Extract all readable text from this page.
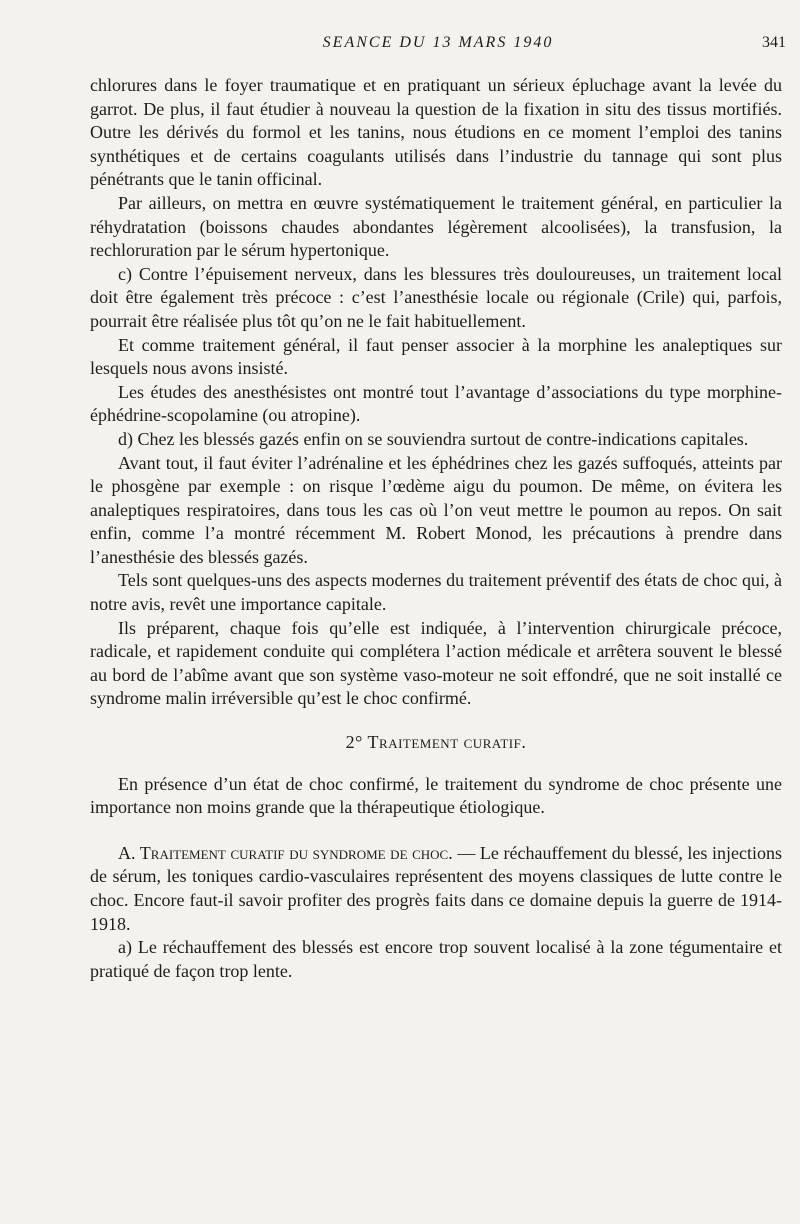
SEANCE DU 13 MARS 1940	341

chlorures dans le foyer traumatique et en pratiquant un sérieux épluchage avant la levée du garrot. De plus, il faut étudier à nouveau la question de la fixation in situ des tissus mortifiés. Outre les dérivés du formol et les tanins, nous étudions en ce moment l’emploi des tanins synthétiques et de certains coagulants utilisés dans l’industrie du tannage qui sont plus pénétrants que le tanin officinal.

Par ailleurs, on mettra en œuvre systématiquement le traitement général, en particulier la réhydratation (boissons chaudes abondantes légèrement alcoolisées), la transfusion, la rechloruration par le sérum hypertonique.

c) Contre l’épuisement nerveux, dans les blessures très douloureuses, un traitement local doit être également très précoce : c’est l’anesthésie locale ou régionale (Crile) qui, parfois, pourrait être réalisée plus tôt qu’on ne le fait habituellement.

Et comme traitement général, il faut penser associer à la morphine les analeptiques sur lesquels nous avons insisté.

Les études des anesthésistes ont montré tout l’avantage d’associations du type morphine-éphédrine-scopolamine (ou atropine).

d) Chez les blessés gazés enfin on se souviendra surtout de contre-indications capitales.

Avant tout, il faut éviter l’adrénaline et les éphédrines chez les gazés suffoqués, atteints par le phosgène par exemple : on risque l’œdème aigu du poumon. De même, on évitera les analeptiques respiratoires, dans tous les cas où l’on veut mettre le poumon au repos. On sait enfin, comme l’a montré récemment M. Robert Monod, les précautions à prendre dans l’anesthésie des blessés gazés.

Tels sont quelques-uns des aspects modernes du traitement préventif des états de choc qui, à notre avis, revêt une importance capitale.

Ils préparent, chaque fois qu’elle est indiquée, à l’intervention chirurgicale précoce, radicale, et rapidement conduite qui complétera l’action médicale et arrêtera souvent le blessé au bord de l’abîme avant que son système vaso-moteur ne soit effondré, que ne soit installé ce syndrome malin irréversible qu’est le choc confirmé.

2° Traitement curatif.

En présence d’un état de choc confirmé, le traitement du syndrome de choc présente une importance non moins grande que la thérapeutique étiologique.

A. Traitement curatif du syndrome de choc. — Le réchauffement du blessé, les injections de sérum, les toniques cardio-vasculaires représentent des moyens classiques de lutte contre le choc. Encore faut-il savoir profiter des progrès faits dans ce domaine depuis la guerre de 1914-1918.

a) Le réchauffement des blessés est encore trop souvent localisé à la zone tégumentaire et pratiqué de façon trop lente.
